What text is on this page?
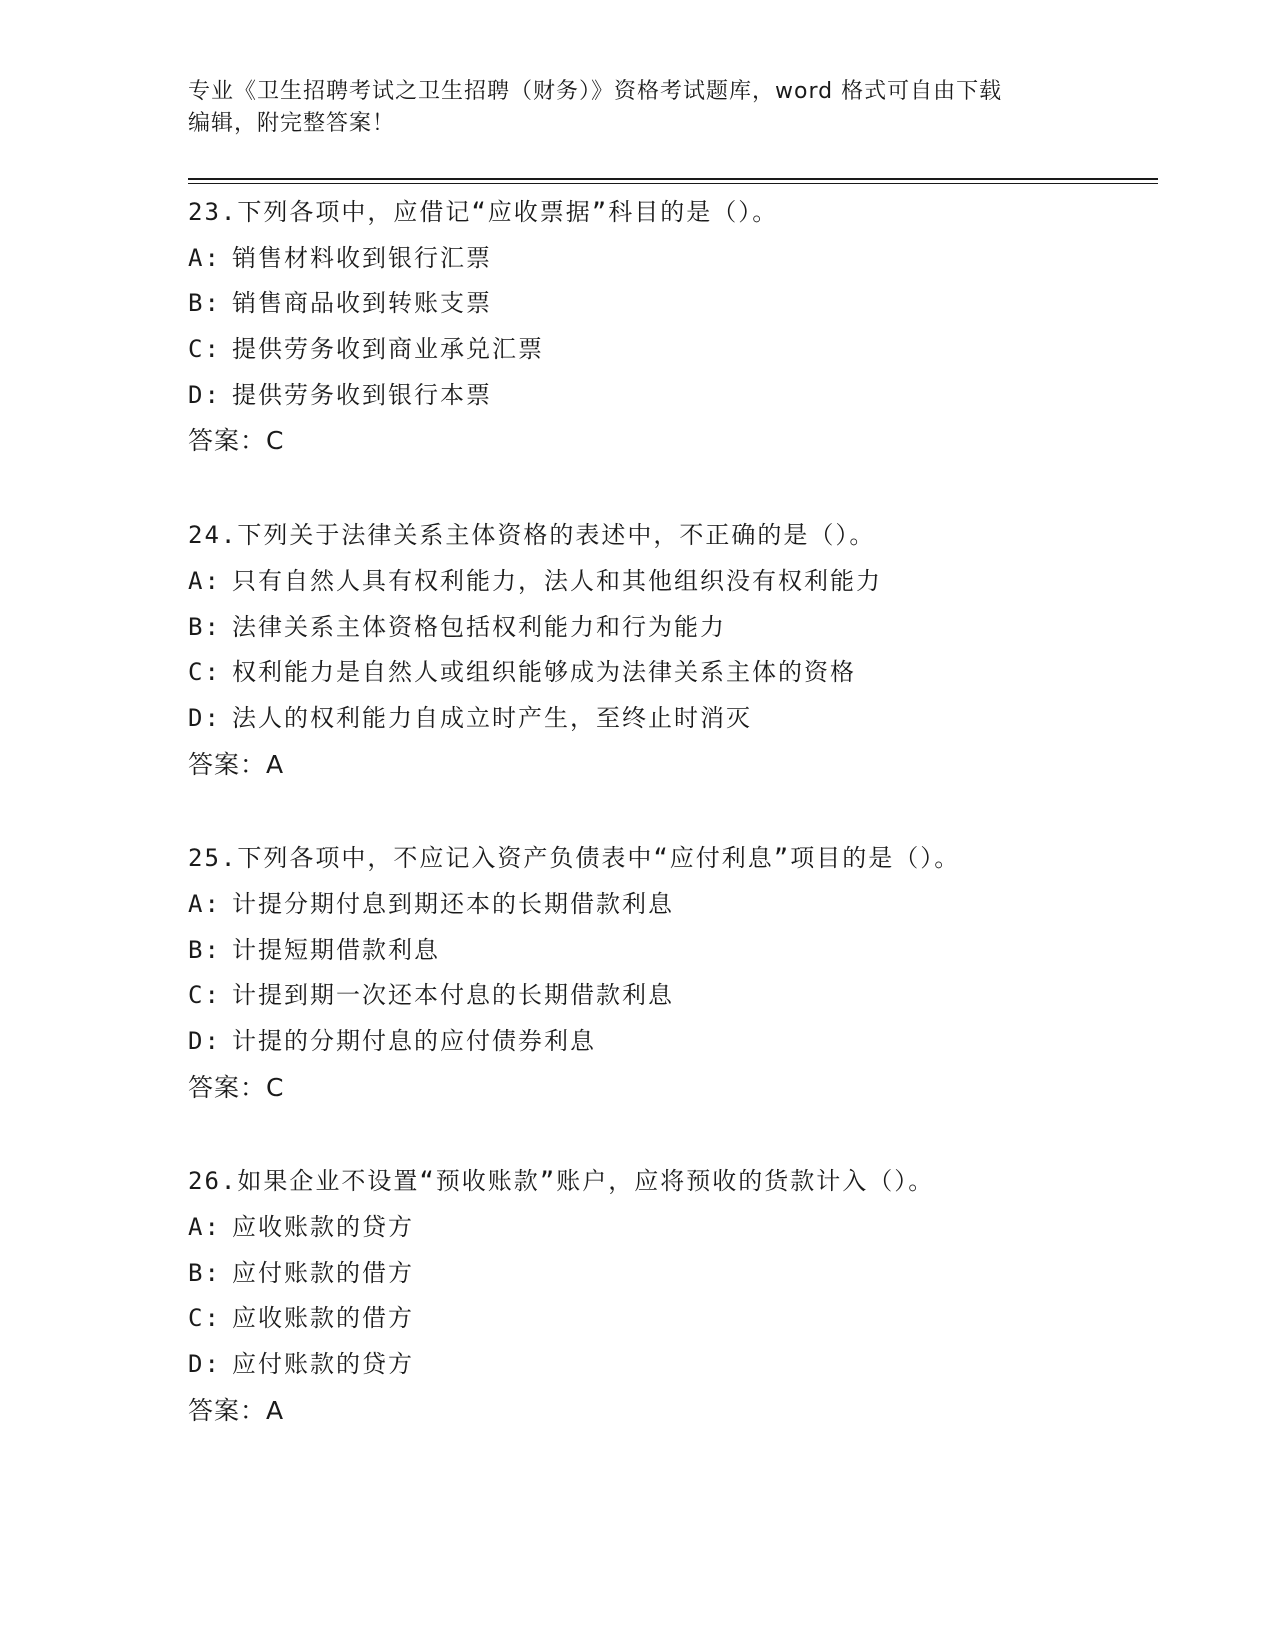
专业《卫生招聘考试之卫生招聘（财务）》资格考试题库，word 格式可自由下载
编辑，附完整答案！
23.下列各项中，应借记“应收票据”科目的是（）。
A: 销售材料收到银行汇票
B: 销售商品收到转账支票
C: 提供劳务收到商业承兑汇票
D: 提供劳务收到银行本票
答案：C
24.下列关于法律关系主体资格的表述中，不正确的是（）。
A: 只有自然人具有权利能力，法人和其他组织没有权利能力
B: 法律关系主体资格包括权利能力和行为能力
C: 权利能力是自然人或组织能够成为法律关系主体的资格
D: 法人的权利能力自成立时产生，至终止时消灭
答案：A
25.下列各项中，不应记入资产负债表中“应付利息”项目的是（）。
A: 计提分期付息到期还本的长期借款利息
B: 计提短期借款利息
C: 计提到期一次还本付息的长期借款利息
D: 计提的分期付息的应付债券利息
答案：C
26.如果企业不设置“预收账款”账户，应将预收的货款计入（）。
A: 应收账款的贷方
B: 应付账款的借方
C: 应收账款的借方
D: 应付账款的贷方
答案：A
